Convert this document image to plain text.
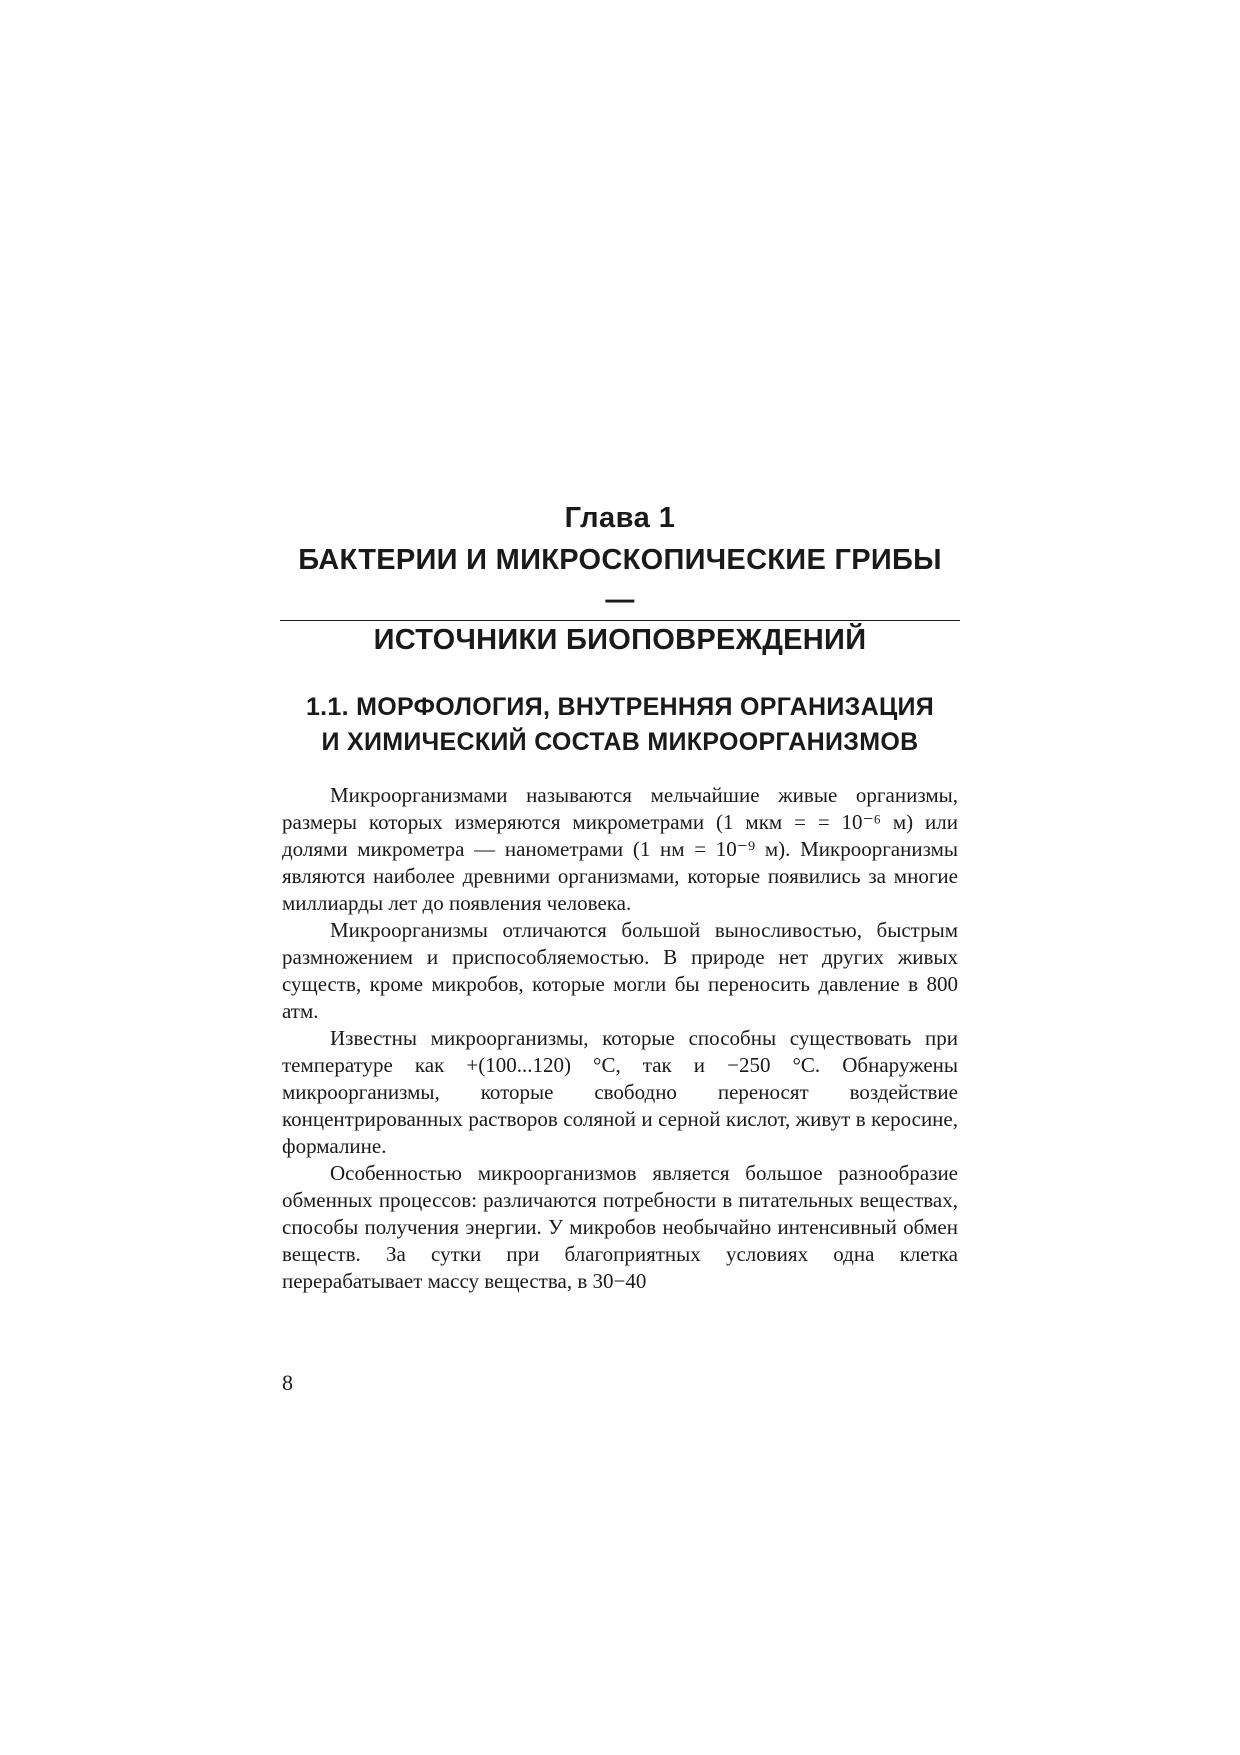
Глава 1
БАКТЕРИИ И МИКРОСКОПИЧЕСКИЕ ГРИБЫ —
ИСТОЧНИКИ БИОПОВРЕЖДЕНИЙ
1.1. МОРФОЛОГИЯ, ВНУТРЕННЯЯ ОРГАНИЗАЦИЯ
И ХИМИЧЕСКИЙ СОСТАВ МИКРООРГАНИЗМОВ

Микроорганизмами называются мельчайшие живые организмы, размеры которых измеряются микрометрами (1 мкм = = 10⁻⁶ м) или долями микрометра — нанометрами (1 нм = 10⁻⁹ м). Микроорганизмы являются наиболее древними организмами, которые появились за многие миллиарды лет до появления человека.

Микроорганизмы отличаются большой выносливостью, быстрым размножением и приспособляемостью. В природе нет других живых существ, кроме микробов, которые могли бы переносить давление в 800 атм.

Известны микроорганизмы, которые способны существовать при температуре как +(100...120) °С, так и −250 °С. Обнаружены микроорганизмы, которые свободно переносят воздействие концентрированных растворов соляной и серной кислот, живут в керосине, формалине.

Особенностью микроорганизмов является большое разнообразие обменных процессов: различаются потребности в питательных веществах, способы получения энергии. У микробов необычайно интенсивный обмен веществ. За сутки при благоприятных условиях одна клетка перерабатывает массу вещества, в 30−40

8
